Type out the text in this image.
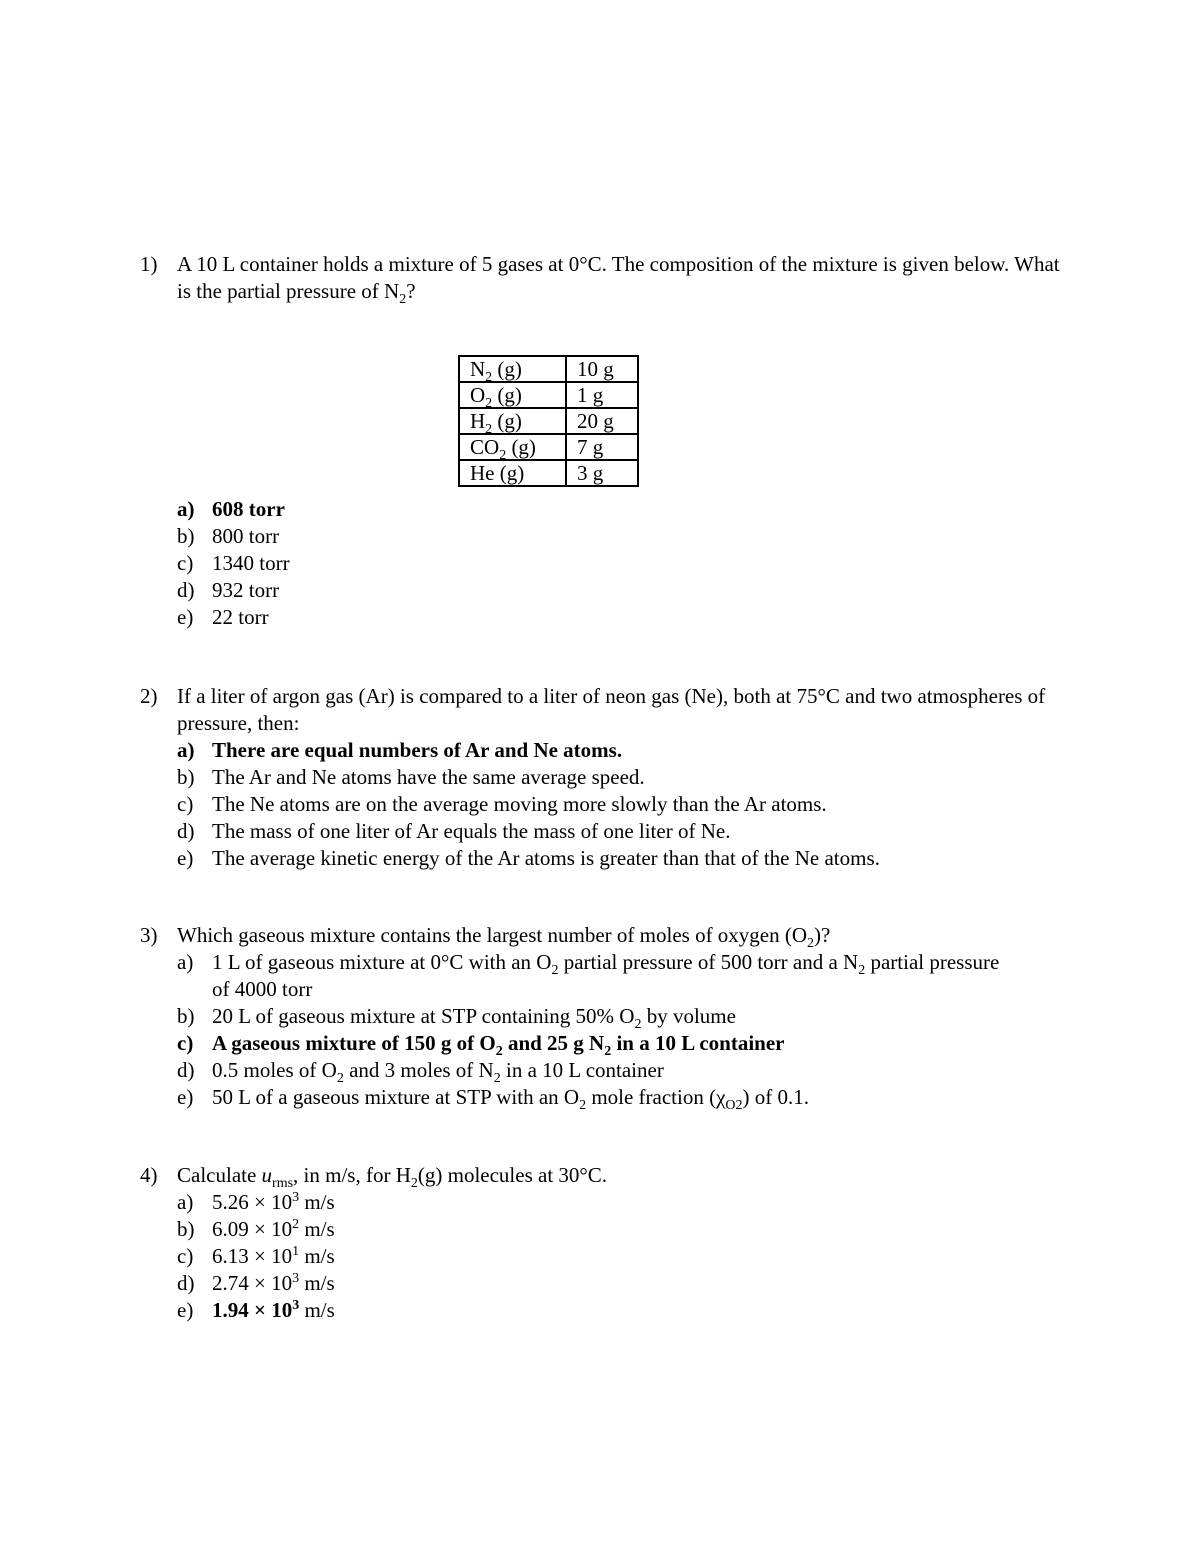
1) A 10 L container holds a mixture of 5 gases at 0°C. The composition of the mixture is given below. What is the partial pressure of $N_2$?
$N_2$ (g)	10 g
$O_2$ (g)	1 g
$H_2$ (g)	20 g
$CO_2$ (g)	7 g
He (g)	3 g
a) 608 torr
b) 800 torr
c) 1340 torr
d) 932 torr
e) 22 torr
2) If a liter of argon gas (Ar) is compared to a liter of neon gas (Ne), both at 75°C and two atmospheres of pressure, then:
a) There are equal numbers of Ar and Ne atoms.
b) The Ar and Ne atoms have the same average speed.
c) The Ne atoms are on the average moving more slowly than the Ar atoms.
d) The mass of one liter of Ar equals the mass of one liter of Ne.
e) The average kinetic energy of the Ar atoms is greater than that of the Ne atoms.
3) Which gaseous mixture contains the largest number of moles of oxygen $(O_2)$?
a) 1 L of gaseous mixture at 0°C with an $O_2$ partial pressure of 500 torr and a $N_2$ partial pressure of 4000 torr
b) 20 L of gaseous mixture at STP containing 50% $O_2$ by volume
c) A gaseous mixture of 150 g of $O_2$ and 25 g $N_2$ in a 10 L container
d) 0.5 moles of $O_2$ and 3 moles of $N_2$ in a 10 L container
e) 50 L of a gaseous mixture at STP with an $O_2$ mole fraction $(\chi_{O2})$ of 0.1.
4) Calculate $u_{rms}$, in m/s, for $H_2(g)$ molecules at 30°C.
a) $5.26 \times 10^3$ m/s
b) $6.09 \times 10^2$ m/s
c) $6.13 \times 10^1$ m/s
d) $2.74 \times 10^3$ m/s
e) $1.94 \times 10^3$ m/s
